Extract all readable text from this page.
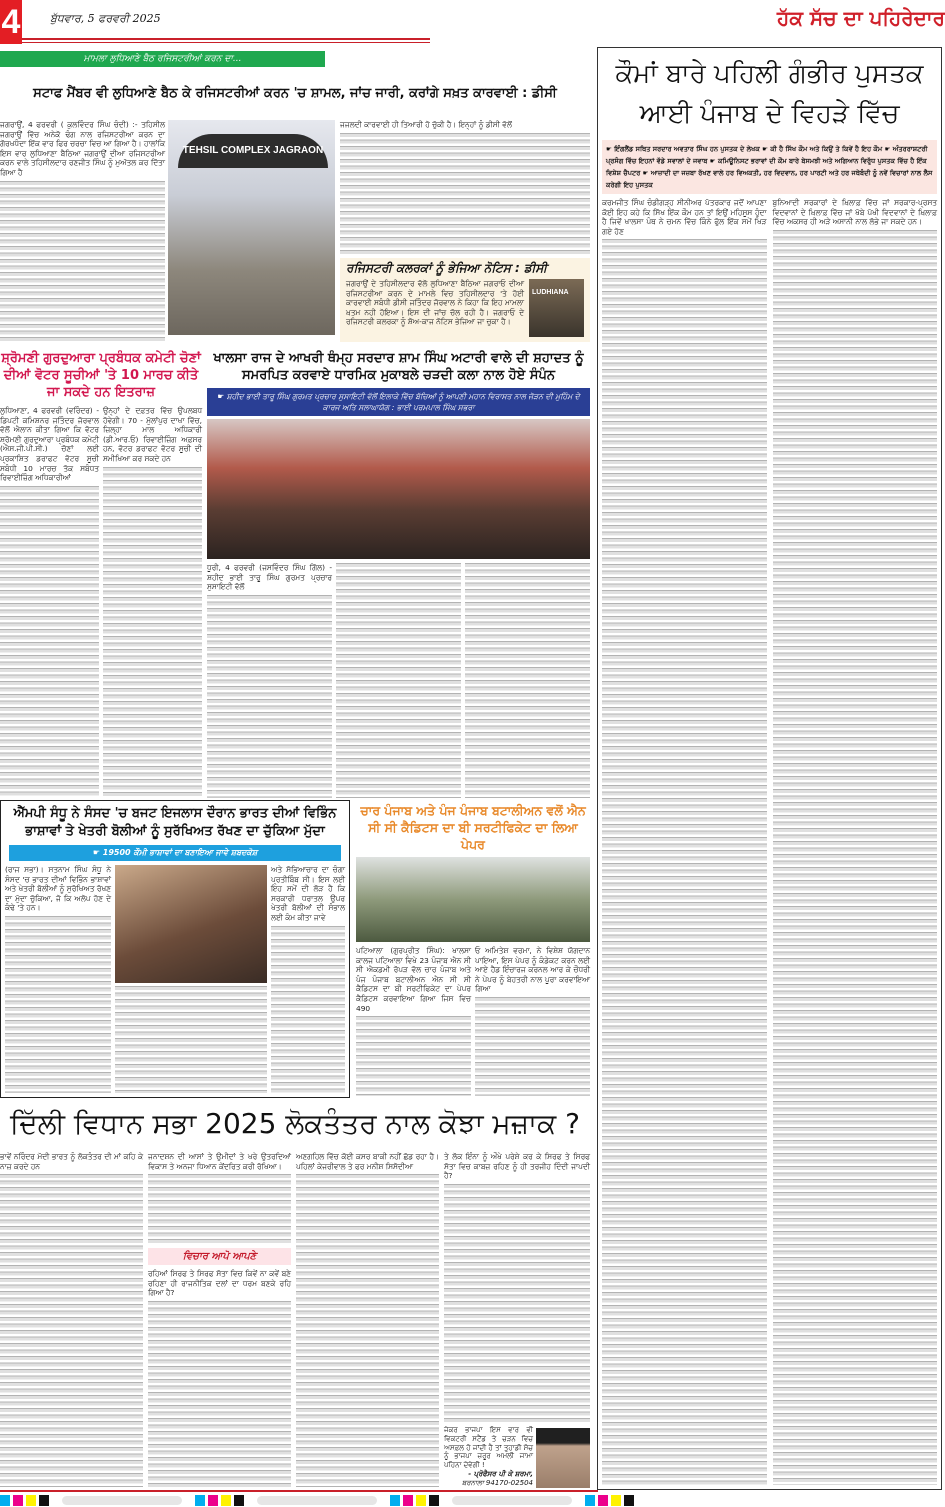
4	ਬੁੱਧਵਾਰ, 5 ਫਰਵਰੀ 2025	ਹੱਕ ਸੱਚ ਦਾ ਪਹਿਰੇਦਾਰ
ਮਾਮਲਾ ਲੁਧਿਆਣੇ ਬੈਠ ਰਜਿਸਟਰੀਆਂ ਕਰਨ ਦਾ...
ਸਟਾਫ ਮੈਂਬਰ ਵੀ ਲੁਧਿਆਣੇ ਬੈਠ ਕੇ ਰਜਿਸਟਰੀਆਂ ਕਰਨ 'ਚ ਸ਼ਾਮਲ, ਜਾਂਚ ਜਾਰੀ, ਕਰਾਂਗੇ ਸਖ਼ਤ ਕਾਰਵਾਈ : ਡੀਸੀ

ਜਗਰਾਉਂ, 4 ਫਰਵਰੀ ( ਕੁਲਵਿੰਦਰ ਸਿੰਘ ਚੰਦੀ) :- ਤਹਿਸੀਲ ਜਗਰਾਉਂ ਵਿੱਚ ਅਨੇਕੋ ਢੰਗ ਨਾਲ ਰਜਿਸਟਰੀਆ ਕਰਨ ਦਾ ਗੋਰਖਧੰਦਾ ਇੱਕ ਵਾਰ ਫਿਰ ਚਰਚਾ ਵਿਚ ਆ ਗਿਆ ਹੈ। ਹਾਲਾਂਕਿ ਇਸ ਵਾਰ ਲੁਧਿਆਣਾ ਬੈਠਿਆ ਜਗਰਾਉਂ ਦੀਆ ਰਜਿਸਟਰੀਆ ਕਰਨ ਵਾਲੇ ਤਹਿਸੀਲਦਾਰ ਰਣਜੀਤ ਸਿੰਘ ਨੂੰ ਮੁਅੱਤਲ ਕਰ ਦਿੱਤਾ ਗਿਆ ਹੈ

TEHSIL COMPLEX JAGRAON

ਜਜਲਦੀ ਕਾਰਵਾਈ ਹੀ ਤਿਆਰੀ ਹੋ ਚੁੱਕੀ ਹੈ। ਇਨ੍ਹਾਂ ਨੂੰ ਡੀਸੀ ਵੱਲੋਂ

ਰਜਿਸਟਰੀ ਕਲਰਕਾਂ ਨੂੰ ਭੇਜਿਆ ਨੋਟਿਸ : ਡੀਸੀ

ਜਗਰਾਉਂ ਦੇ ਤਹਿਸੀਲਦਾਰ ਵੱਲੋ ਲੁਧਿਆਣਾ ਬੈਠਿਆ ਜਗਰਾਓ ਦੀਆ ਰਜਿਸਟਰੀਆ ਕਰਨ ਦੇ ਮਾਮਲੇ ਵਿਚ ਤਹਿਸੀਲਦਾਰ 'ਤੇ ਹੋਈ ਕਾਰਵਾਈ ਸਬੰਧੀ ਡੀਸੀ ਜਤਿੰਦਰ ਜੋਰਵਾਲ ਨੇ ਕਿਹਾ ਕਿ ਇਹ ਮਾਮਲਾ ਖ਼ਤਮ ਨਹੀ ਹੋਇਆ। ਇਸ ਦੀ ਜਾਂਚ ਚੱਲ ਰਹੀ ਹੈ। ਜਗਰਾਓ ਦੇ ਰਜਿਸਟਰੀ ਕਲਰਕਾ ਨੂੰ ਸ਼ੋਅ-ਕਾਜ ਨੋਟਿਸ ਭੇਜਿਆ ਜਾ ਚੁਕਾ ਹੈ।

LUDHIANA
ਸ਼੍ਰੋਮਣੀ ਗੁਰਦੁਆਰਾ ਪ੍ਰਬੰਧਕ ਕਮੇਟੀ ਚੋਣਾਂ ਦੀਆਂ ਵੋਟਰ ਸੂਚੀਆਂ 'ਤੇ 10 ਮਾਰਚ ਕੀਤੇ ਜਾ ਸਕਦੇ ਹਨ ਇਤਰਾਜ਼

ਲੁਧਿਆਣਾ, 4 ਫਰਵਰੀ (ਵਰਿੰਦਰ) - ਡਿਪਟੀ ਕਮਿਸ਼ਨਰ ਜਤਿੰਦਰ ਜੋਰਵਾਲ ਵੱਲੋਂ ਐਲਾਨ ਕੀਤਾ ਗਿਆ ਕਿ ਵੋਟਰ ਸ਼੍ਰੋਮਣੀ ਗੁਰਦੁਆਰਾ ਪ੍ਰਬੰਧਕ ਕਮੇਟੀ (ਐਸ.ਜੀ.ਪੀ.ਸੀ.) ਚੋਣਾਂ ਲਈ ਪ੍ਰਕਾਸ਼ਿਤ ਡਰਾਫਟ ਵੋਟਰ ਸੂਚੀ ਸਬੰਧੀ 10 ਮਾਰਚ ਤੱਕ ਸਬੰਧਤ ਰਿਵਾਈਜ਼ਿੰਗ ਅਧਿਕਾਰੀਆਂ

ਉਨ੍ਹਾਂ ਦੇ ਦਫ਼ਤਰ ਵਿੱਚ ਉਪਲਬਧ ਹੋਵੇਗੀ। 70 - ਮੁੱਲਾਂਪੁਰ ਦਾਖਾ ਵਿੱਚ, ਜ਼ਿਲ੍ਹਾ ਮਾਲ ਅਧਿਕਾਰੀ (ਡੀ.ਆਰ.ਓ) ਰਿਵਾਈਜ਼ਿੰਗ ਅਫ਼ਸਰ ਹਨ, ਵੋਟਰ ਡਰਾਫਟ ਵੋਟਰ ਸੂਚੀ ਦੀ ਸਮੀਖਿਆ ਕਰ ਸਕਦੇ ਹਨ

ਖਾਲਸਾ ਰਾਜ ਦੇ ਆਖਰੀ ਥੰਮ੍ਹ ਸਰਦਾਰ ਸ਼ਾਮ ਸਿੰਘ ਅਟਾਰੀ ਵਾਲੇ ਦੀ ਸ਼ਹਾਦਤ ਨੂੰ ਸਮਰਪਿਤ ਕਰਵਾਏ ਧਾਰਮਿਕ ਮੁਕਾਬਲੇ ਚੜਦੀ ਕਲਾ ਨਾਲ ਹੋਏ ਸੰਪੰਨ
☛ ਸ਼ਹੀਦ ਭਾਈ ਤਾਰੂ ਸਿੰਘ ਗੁਰਮਤ ਪ੍ਰਚਾਰ ਸੁਸਾਇਟੀ ਵੱਲੋਂ ਇਲਾਕੇ ਵਿੱਚ ਬੱਚਿਆਂ ਨੂੰ ਆਪਣੀ ਮਹਾਨ ਵਿਰਾਸਤ ਨਾਲ ਜੋੜਨ ਦੀ ਮੁਹਿੰਮ ਦੇ ਕਾਰਜ ਅਤਿ ਸਲਾਘਾਯੋਗ : ਭਾਈ ਪਰਮਪਾਲ ਸਿੰਘ ਸਭਰਾ

ਧੂਰੀ, 4 ਫਰਵਰੀ (ਜਸਵਿੰਦਰ ਸਿੰਘ ਗਿੱਲ) - ਸ਼ਹੀਦ ਭਾਈ ਤਾਰੂ ਸਿੰਘ ਗੁਰਮਤ ਪ੍ਰਚਾਰ ਸੁਸਾਇਟੀ ਵੱਲੋਂ

ਐੱਮਪੀ ਸੰਧੂ ਨੇ ਸੰਸਦ 'ਚ ਬਜਟ ਇਜਲਾਸ ਦੌਰਾਨ ਭਾਰਤ ਦੀਆਂ ਵਿਭਿੰਨ ਭਾਸ਼ਾਵਾਂ ਤੇ ਖੇਤਰੀ ਬੋਲੀਆਂ ਨੂੰ ਸੁਰੱਖਿਅਤ ਰੱਖਣ ਦਾ ਚੁੱਕਿਆ ਮੁੱਦਾ
☛ 19500 ਕੌਮੀ ਭਾਸ਼ਾਵਾਂ ਦਾ ਬਣਾਇਆ ਜਾਵੇ ਸ਼ਬਦਕੋਸ਼

(ਰਾਜ ਸਭਾ)। ਸਤਨਾਮ ਸਿੰਘ ਸੰਧੂ ਨੇ ਸੰਸਦ 'ਚ ਭਾਰਤ ਦੀਆਂ ਵਿਭਿੰਨ ਭਾਸ਼ਾਵਾਂ ਅਤੇ ਖੇਤਰੀ ਬੋਲੀਆਂ ਨੂੰ ਸੁਰੱਖਿਅਤ ਰੱਖਣ ਦਾ ਮੁੱਦਾ ਚੁੱਕਿਆ, ਜੋ ਕਿ ਅਲੋਪ ਹੋਣ ਦੇ ਕੰਢੇ 'ਤੇ ਹਨ।

ਅਤੇ ਸੱਭਿਆਚਾਰ ਦਾ ਚੰਗਾ ਪ੍ਰਤੀਬਿੰਬ ਸੀ। ਇਸ ਲਈ ਇਹ ਸਮੇਂ ਦੀ ਲੋੜ ਹੈ ਕਿ ਸਰਕਾਰੀ ਧਰਾਤਲ ਉਪਰ ਖੇਤਰੀ ਬੋਲੀਆਂ ਦੀ ਸੰਭਾਲ ਲਈ ਕੰਮ ਕੀਤਾ ਜਾਵੇ

ਚਾਰ ਪੰਜਾਬ ਅਤੇ ਪੰਜ ਪੰਜਾਬ ਬਟਾਲੀਅਨ ਵਲੋਂ ਐਨ ਸੀ ਸੀ ਕੈਡਿਟਸ ਦਾ ਬੀ ਸਰਟੀਫਿਕੇਟ ਦਾ ਲਿਆ ਪੇਪਰ

ਪਟਿਆਲਾ (ਗੁਰਪ੍ਰੀਤ ਸਿੰਘ): ਖਾਲਸਾ ਕਾਲਜ ਪਟਿਆਲਾ ਵਿਖੇ 23 ਪੰਜਾਬ ਐਨ ਸੀ ਸੀ ਐਕਡਮੀ ਰੋਪੜ ਵੱਲ ਚਾਰ ਪੰਜਾਬ ਅਤੇ ਪੰਜ ਪੰਜਾਬ ਬਟਾਲੀਅਨ ਐਨ ਸੀ ਸੀ ਕੈਡਿਟਸ ਦਾ ਬੀ ਸਰਟੀਫਿਕੇਟ ਦਾ ਪੇਪਰ ਕੈਡਿਟਸ ਕਰਵਾਇਆ ਗਿਆ ਜਿਸ ਵਿਚ 490

ਓ ਅਮਿਤੇਸ਼ ਵਰਮਾ, ਨੇ ਵਿਸ਼ੇਸ਼ ਯੋਗਦਾਨ ਪਾਇਆ, ਇਸ ਪੇਪਰ ਨੂੰ ਕੰਡੇਕਟ ਕਰਨ ਲਈ ਆਏ ਹੈਡ ਇੰਚਾਰਜ ਕਰਨਲ ਆਰ ਕੇ ਚੌਧਰੀ ਨੇ ਪੇਪਰ ਨੂੰ ਬੇਹਤਰੀ ਨਾਲ ਪੂਰਾ ਕਰਵਾਇਆ ਗਿਆ

ਦਿੱਲੀ ਵਿਧਾਨ ਸਭਾ 2025 ਲੋਕਤੰਤਰ ਨਾਲ ਕੋਝਾ ਮਜ਼ਾਕ ?

ਭਾਵੇਂ ਨਰਿੰਦਰ ਮੋਦੀ ਭਾਰਤ ਨੂੰ ਲੋਕਤੰਤਰ ਦੀ ਮਾਂ ਕਹਿ ਕੇ ਨਾਜ਼ ਕਰਦੇ ਹਨ

ਜਨਾਦਸ਼ਨ ਦੀ ਆਸਾਂ ਤੇ ਉਮੀਦਾਂ ਤੇ ਖਰੇ ਉਤਰਦਿਆਂ ਵਿਕਾਸ ਤੇ ਅਨਜਾ ਧਿਆਨ ਕੇਂਦਰਿਤ ਕਰੀ ਰੱਖਿਆ।

ਵਿਚਾਰ ਆਪੋ ਆਪਣੇ

ਰਹਿਆਂ ਸਿਰਫ ਤੇ ਸਿਰਫ ਸੱਤਾ ਵਿਚ ਕਿਵੇਂ ਨਾ ਕਵੇਂ ਬਣੇ ਰਹਿਣਾ ਹੀ ਰਾਜਨੀਤਿਕ ਦਲਾਂ ਦਾ ਧਰਮ ਬਣਕੇ ਰਹਿ ਗਿਆ ਹੈ?

ਅਣਗਹਿਲ ਵਿੱਚ ਕੋਈ ਕਸਰ ਬਾਕੀ ਨਹੀਂ ਛੱਡ ਰਹਾ ਹੈ। ਪਹਿਲਾਂ ਕੇਜਰੀਵਾਲ ਤੇ ਫਰ ਮਨੀਸ਼ ਸਿਸੋਦੀਆ

ਤੇ ਲੋਕ ਇੰਨਾ ਨੂੰ ਔਖੇ ਪਰੇਸ਼ੇ ਕਰ ਕੇ ਸਿਰਫ ਤੇ ਸਿਰਫ ਸੱਤਾ ਵਿਚ ਕਾਬਜ਼ ਰਹਿਣ ਨੂੰ ਹੀ ਤਰਜੀਹ ਦਿੰਦੀ ਜਾਪਦੀ ਹੈ?

ਜੇਕਰ ਭਾਜਪਾ ਇਸ ਵਾਰ ਵੀ ਵਿਕਟਰੀ ਸਟੈਂਡ ਤੇ ਚੜਨ ਵਿਚ ਅਸਫ਼ਲ ਹੋ ਜਾਂਦੀ ਹੈ ਤਾਂ ਤੁਹਾਡੀ ਸੋਚ ਨੂੰ ਭਾਜਪਾ ਜ਼ਰੂਰ ਅਮਲੀ ਜਾਮਾ ਪਹਿਨਾ ਦੇਵੇਗੀ !

- ਪ੍ਰੋਫੈਸਰ ਪੀ ਕੇ ਸ਼ਰਮਾ,

ਬਰਨਾਲਾ 94170-02504

ਕੌਮਾਂ ਬਾਰੇ ਪਹਿਲੀ ਗੰਭੀਰ ਪੁਸਤਕ ਆਈ ਪੰਜਾਬ ਦੇ ਵਿਹੜੇ ਵਿੱਚ
☛ ਇੰਗਲੈਂਡ ਸਥਿਤ ਸਰਦਾਰ ਅਵਤਾਰ ਸਿੰਘ ਹਨ ਪੁਸਤਕ ਦੇ ਲੇਖਕ ☛ ਕੀ ਹੈ ਸਿੱਖ ਕੌਮ ਅਤੇ ਕਿਉਂ ਤੇ ਕਿਵੇਂ ਹੈ ਇਹ ਕੌਮ ☛ ਅੰਤਰਰਾਸ਼ਟਰੀ ਪ੍ਰਸੰਗ ਵਿੱਚ ਇਹਨਾਂ ਵੱਡੇ ਸਵਾਲਾਂ ਦੇ ਜਵਾਬ ☛ ਕਮਿਊਨਿਸਟ ਭਰਾਵਾਂ ਦੀ ਕੌਮ ਬਾਰੇ ਬੇਸਮਝੀ ਅਤੇ ਅਗਿਆਨ ਵਿਰੁੱਧ ਪੁਸਤਕ ਵਿੱਚ ਹੈ ਇੱਕ ਵਿਸ਼ੇਸ਼ ਚੈਪਟਰ ☛ ਆਜ਼ਾਦੀ ਦਾ ਜਜ਼ਬਾ ਰੱਖਣ ਵਾਲੇ ਹਰ ਵਿਅਕਤੀ, ਹਰ ਵਿਦਵਾਨ, ਹਰ ਪਾਰਟੀ ਅਤੇ ਹਰ ਜਥੇਬੰਦੀ ਨੂੰ ਨਵੇਂ ਵਿਚਾਰਾਂ ਨਾਲ ਲੈਸ ਕਰੇਗੀ ਇਹ ਪੁਸਤਕ

ਕਰਮਜੀਤ ਸਿੰਘ ਚੰਡੀਗੜ੍ਹ ਸੀਨੀਅਰ ਪੱਤਰਕਾਰ ਜਦੋਂ ਆਪਣਾ ਕੋਈ ਇਹ ਕਹੇ ਕਿ ਸਿੱਖ ਇੱਕ ਕੌਮ ਹਨ ਤਾਂ ਇਉਂ ਮਹਿਸੂਸ ਹੁੰਦਾ ਹੈ ਜਿਵੇਂ ਖਾਲਸਾ ਪੰਥ ਨੇ ਚਮਨ ਵਿੱਚ ਕਿੰਨੇ ਫੁੱਲ ਇੱਕ ਸਮੇਂ ਖਿੜ ਗਏ ਹੋਣ

ਬੁਨਿਆਦੀ ਸਰਕਾਰਾਂ ਦੇ ਖ਼ਿਲਾਫ਼ ਵਿੱਚ ਜਾਂ ਸਰਕਾਰ-ਪ੍ਰਸਤ ਵਿਦਵਾਨਾਂ ਦੇ ਖ਼ਿਲਾਫ਼ ਵਿੱਚ ਜਾਂ ਖੱਬੇ ਪੱਖੀ ਵਿਦਵਾਨਾਂ ਦੇ ਖ਼ਿਲਾਫ਼ ਵਿੱਚ ਅਕਸਰ ਹੀ ਅੜੇ ਅਸਾਨੀ ਨਾਲ ਲੱਭੇ ਜਾ ਸਕਦੇ ਹਨ।
